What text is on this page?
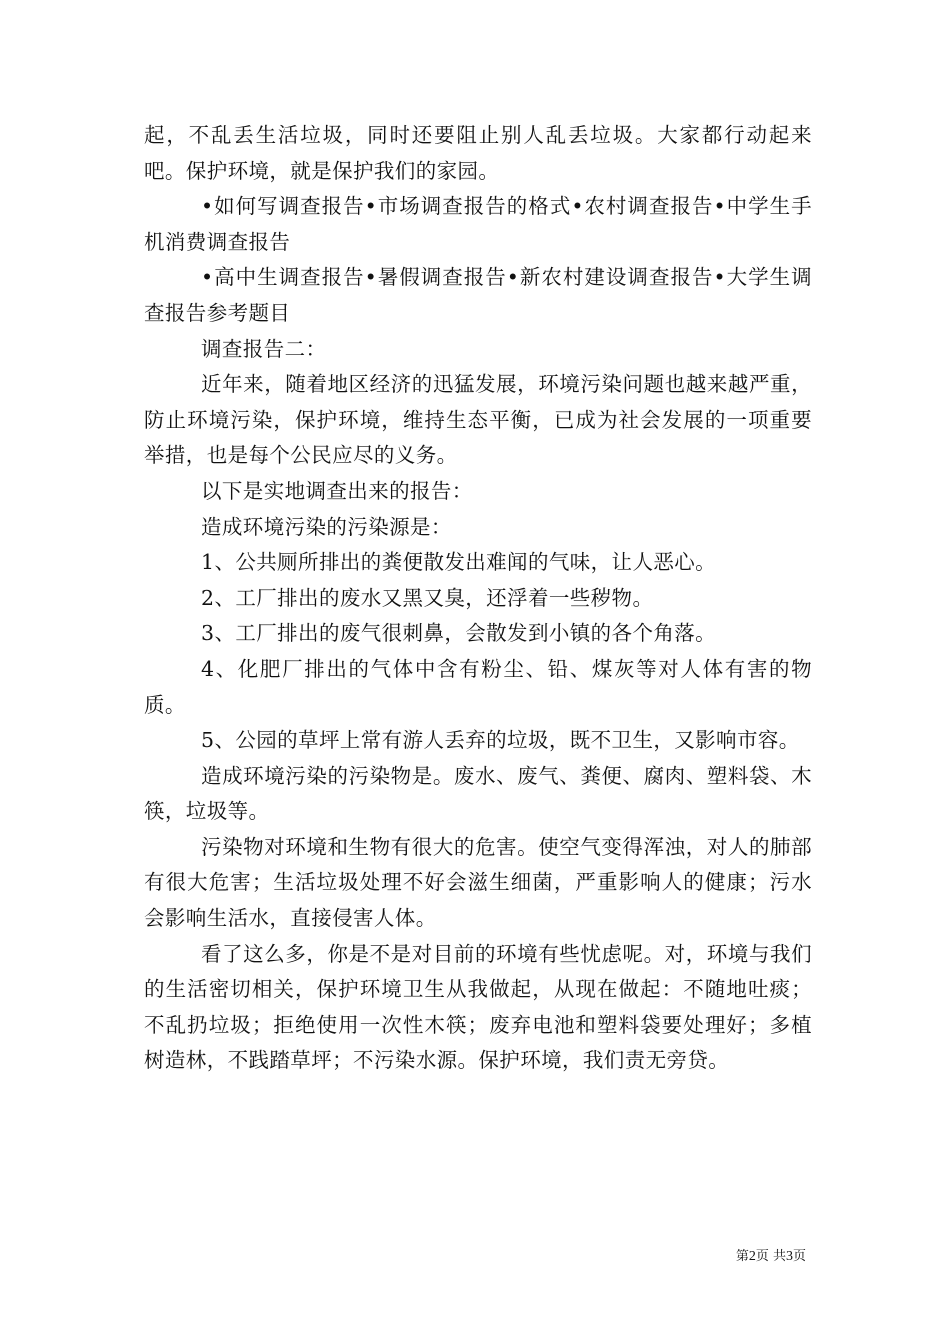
起，不乱丢生活垃圾，同时还要阻止别人乱丢垃圾。大家都行动起来吧。保护环境，就是保护我们的家园。

•如何写调查报告•市场调查报告的格式•农村调查报告•中学生手机消费调查报告

•高中生调查报告•暑假调查报告•新农村建设调查报告•大学生调查报告参考题目

调查报告二：

近年来，随着地区经济的迅猛发展，环境污染问题也越来越严重，防止环境污染，保护环境，维持生态平衡，已成为社会发展的一项重要举措，也是每个公民应尽的义务。

以下是实地调查出来的报告：

造成环境污染的污染源是：

1、公共厕所排出的粪便散发出难闻的气味，让人恶心。

2、工厂排出的废水又黑又臭，还浮着一些秽物。

3、工厂排出的废气很刺鼻，会散发到小镇的各个角落。

4、化肥厂排出的气体中含有粉尘、铅、煤灰等对人体有害的物质。

5、公园的草坪上常有游人丢弃的垃圾，既不卫生，又影响市容。

造成环境污染的污染物是。废水、废气、粪便、腐肉、塑料袋、木筷，垃圾等。

污染物对环境和生物有很大的危害。使空气变得浑浊，对人的肺部有很大危害；生活垃圾处理不好会滋生细菌，严重影响人的健康；污水会影响生活水，直接侵害人体。

看了这么多，你是不是对目前的环境有些忧虑呢。对，环境与我们的生活密切相关，保护环境卫生从我做起，从现在做起：不随地吐痰；不乱扔垃圾；拒绝使用一次性木筷；废弃电池和塑料袋要处理好；多植树造林，不践踏草坪；不污染水源。保护环境，我们责无旁贷。

第2页 共3页
